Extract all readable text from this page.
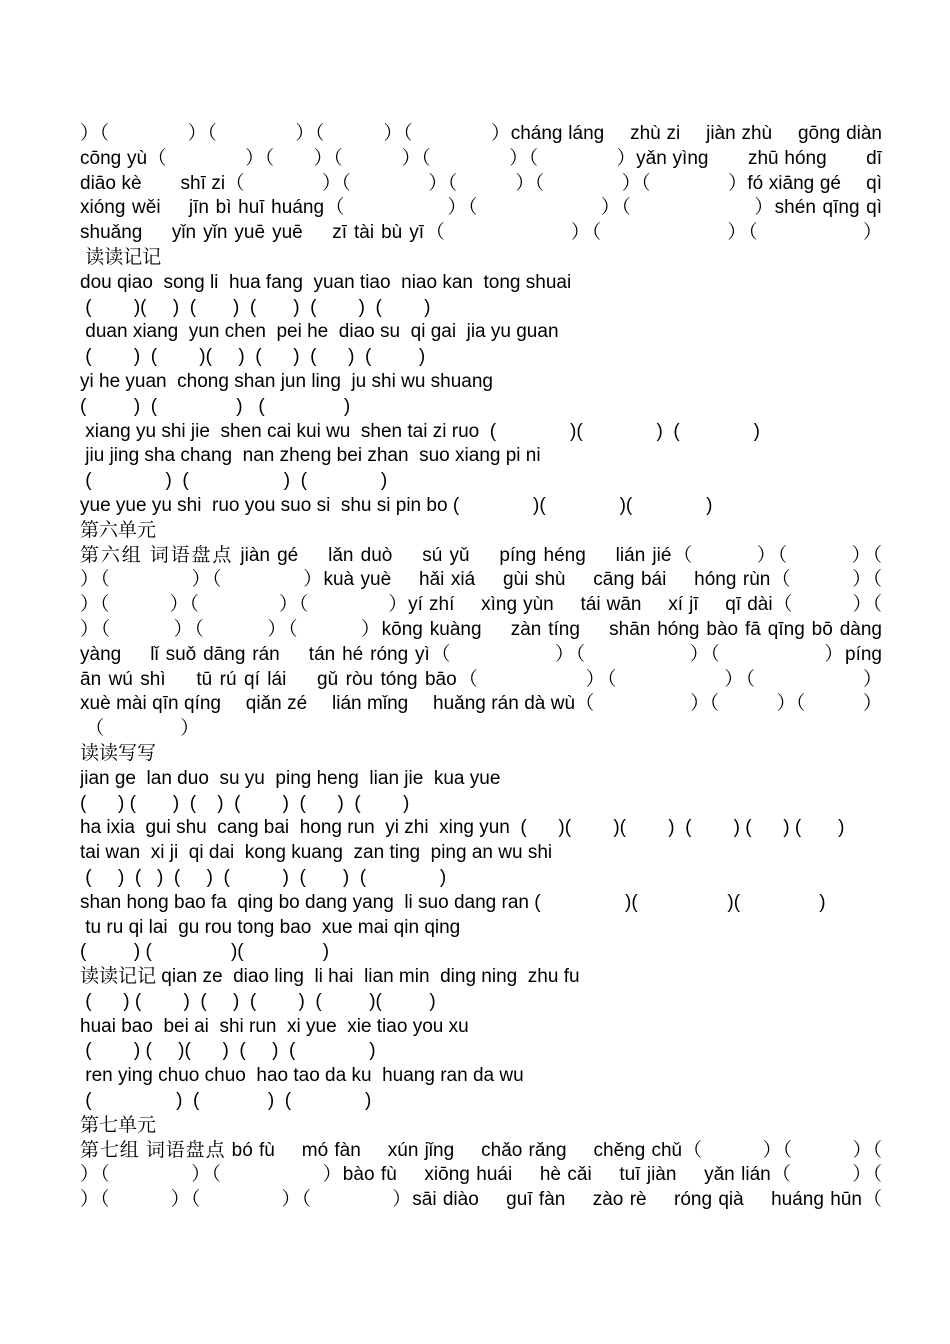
）（　　　　）（　　　　）（　　　）（　　　　）cháng láng　 zhù zi　 jiàn zhù　 gōng diàn
cōng yù（　　　　）（　　）（　　　）（　　　　）（　　　　）yǎn yìng　　zhū hóng　　dī
diāo kè　　shī zi（　　　　）（　　　　）（　　　）（　　　　）（　　　　）fó xiāng gé　 qì
xióng wěi　 jīn bì huī huáng（　　　　　）（　　　　　　）（　　　　　　）shén qīng qì
shuǎng　 yǐn yǐn yuē yuē　 zī tài bù yī（　　　　　　）（　　　　　　）（　　　　　）
读读记记
dou qiao  song li  hua fang  yuan tiao  niao kan  tong shuai
(        )(     )  (       )  (       )  (        )  (        )
duan xiang  yun chen  pei he  diao su  qi gai  jia yu guan
(        )  (        )(     )  (      )  (      )  (         )
yi he yuan  chong shan jun ling  ju shi wu shuang
(         )  (               )   (               )
xiang yu shi jie  shen cai kui wu  shen tai zi ruo  (              )(              )  (              )
jiu jing sha chang  nan zheng bei zhan  suo xiang pi ni
(              )  (                  )  (              )
yue yue yu shi  ruo you suo si  shu si pin bo (              )(              )(              )
第六单元
第六组 词语盘点 jiàn gé　 lǎn duò　 sú yǔ　 píng héng　 lián jié（　　　）（　　　）（
）（　　　　）（　　　　）kuà yuè　 hǎi xiá　 gùi shù　 cāng bái　 hóng rùn（　　　）（
）（　　　）（　　　　）（　　　　）yí zhí　 xìng yùn　 tái wān　 xí jī　 qī dài（　　　）（
）（　　　）（　　　）（　　　）kōng kuàng　 zàn tíng　 shān hóng bào fā qīng bō dàng
yàng　 lǐ suǒ dāng rán　 tán hé róng yì（　　　　　）（　　　　　）（　　　　　）píng
ān wú shì　 tū rú qí lái　 gǔ ròu tóng bāo（　　　　　）（　　　　　）（　　　　　）
xuè mài qīn qíng　 qiǎn zé　 lián mǐng　 huǎng rán dà wù（　　　　　）（　　　）（　　　）
（　　　　）
读读写写
jian ge  lan duo  su yu  ping heng  lian jie  kua yue
(      ) (       )  (    )  (        )  (      )  (        )
ha ixia  gui shu  cang bai  hong run  yi zhi  xing yun  (      )(        )(        )  (        ) (      ) (       )
tai wan  xi ji  qi dai  kong kuang  zan ting  ping an wu shi
(     )  (   )  (     )  (          )  (       )  (              )
shan hong bao fa  qing bo dang yang  li suo dang ran (                )(                 )(               )
tu ru qi lai  gu rou tong bao  xue mai qin qing
(         ) (               )(               )
读读记记 qian ze  diao ling  li hai  lian min  ding ning  zhu fu
(      ) (        )  (     )  (        )  (         )(         )
huai bao  bei ai  shi run  xi yue  xie tiao you xu
(        ) (     )(      )  (     )  (              )
ren ying chuo chuo  hao tao da ku  huang ran da wu
(                )  (             )  (              )
第七单元
第七组 词语盘点 bó fù　 mó fàn　 xún jǐng　 chǎo rǎng　 chěng chǔ（　　　）（　　　）（
）（　　　　）（　　　　　）bào fù　 xiōng huái　 hè cǎi　 tuī jiàn　 yǎn lián（　　　）（
）（　　　）（　　　　）（　　　　）sāi diào　 guī fàn　 zào rè　 róng qià　 huáng hūn（
